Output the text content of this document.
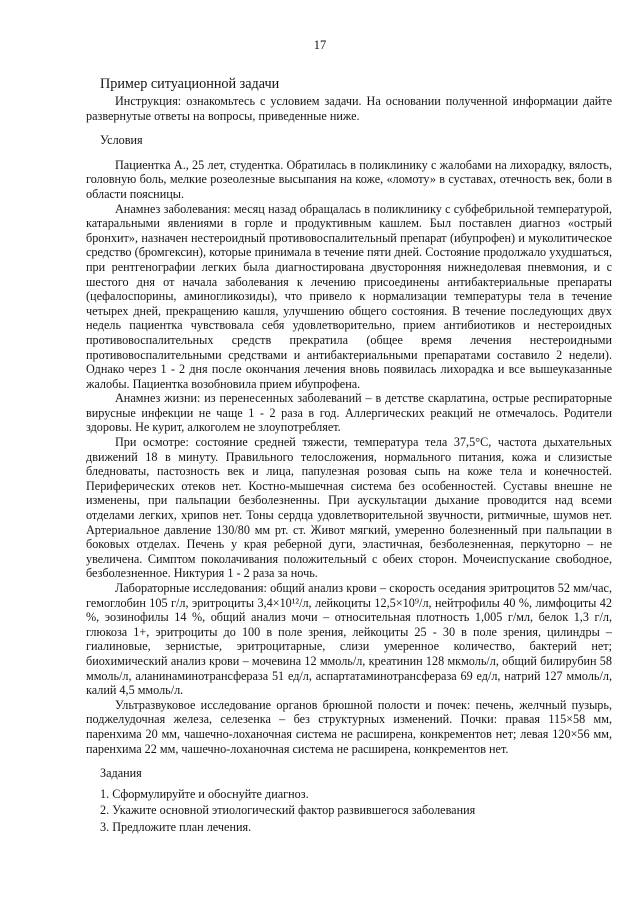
17

Пример ситуационной задачи

Инструкция: ознакомьтесь с условием задачи. На основании полученной информации дайте развернутые ответы на вопросы, приведенные ниже.

Условия

Пациентка А., 25 лет, студентка. Обратилась в поликлинику с жалобами на лихорадку, вялость, головную боль, мелкие розеолезные высыпания на коже, «ломоту» в суставах, отечность век, боли в области поясницы.

Анамнез заболевания: месяц назад обращалась в поликлинику с субфебрильной температурой, катаральными явлениями в горле и продуктивным кашлем. Был поставлен диагноз «острый бронхит», назначен нестероидный противовоспалительный препарат (ибупрофен) и муколитическое средство (бромгексин), которые принимала в течение пяти дней. Состояние продолжало ухудшаться, при рентгенографии легких была диагностирована двусторонняя нижнедолевая пневмония, и с шестого дня от начала заболевания к лечению присоединены антибактериальные препараты (цефалоспорины, аминогликозиды), что привело к нормализации температуры тела в течение четырех дней, прекращению кашля, улучшению общего состояния. В течение последующих двух недель пациентка чувствовала себя удовлетворительно, прием антибиотиков и нестероидных противовоспалительных средств прекратила (общее время лечения нестероидными противовоспалительными средствами и антибактериальными препаратами составило 2 недели). Однако через 1 - 2 дня после окончания лечения вновь появилась лихорадка и все вышеуказанные жалобы. Пациентка возобновила прием ибупрофена.

Анамнез жизни: из перенесенных заболеваний – в детстве скарлатина, острые респираторные вирусные инфекции не чаще 1 - 2 раза в год. Аллергических реакций не отмечалось. Родители здоровы. Не курит, алкоголем не злоупотребляет.

При осмотре: состояние средней тяжести, температура тела 37,5°С, частота дыхательных движений 18 в минуту. Правильного телосложения, нормального питания, кожа и слизистые бледноваты, пастозность век и лица, папулезная розовая сыпь на коже тела и конечностей. Периферических отеков нет. Костно-мышечная система без особенностей. Суставы внешне не изменены, при пальпации безболезненны. При аускультации дыхание проводится над всеми отделами легких, хрипов нет. Тоны сердца удовлетворительной звучности, ритмичные, шумов нет. Артериальное давление 130/80 мм рт. ст. Живот мягкий, умеренно болезненный при пальпации в боковых отделах. Печень у края реберной дуги, эластичная, безболезненная, перкуторно – не увеличена. Симптом поколачивания положительный с обеих сторон. Мочеиспускание свободное, безболезненное. Никтурия 1 - 2 раза за ночь.

Лабораторные исследования: общий анализ крови – скорость оседания эритроцитов 52 мм/час, гемоглобин 105 г/л, эритроциты 3,4×10¹²/л, лейкоциты 12,5×10⁹/л, нейтрофилы 40 %, лимфоциты 42 %, эозинофилы 14 %, общий анализ мочи – относительная плотность 1,005 г/мл, белок 1,3 г/л, глюкоза 1+, эритроциты до 100 в поле зрения, лейкоциты 25 - 30 в поле зрения, цилиндры – гиалиновые, зернистые, эритроцитарные, слизи умеренное количество, бактерий нет; биохимический анализ крови – мочевина 12 ммоль/л, креатинин 128 мкмоль/л, общий билирубин 58 ммоль/л, аланинаминотрансфераза 51 ед/л, аспартатаминотрансфераза 69 ед/л, натрий 127 ммоль/л, калий 4,5 ммоль/л.

Ультразвуковое исследование органов брюшной полости и почек: печень, желчный пузырь, поджелудочная железа, селезенка – без структурных изменений. Почки: правая 115×58 мм, паренхима 20 мм, чашечно-лоханочная система не расширена, конкрементов нет; левая 120×56 мм, паренхима 22 мм, чашечно-лоханочная система не расширена, конкрементов нет.

Задания

1. Сформулируйте и обоснуйте диагноз.
2. Укажите основной этиологический фактор развившегося заболевания
3. Предложите план лечения.
